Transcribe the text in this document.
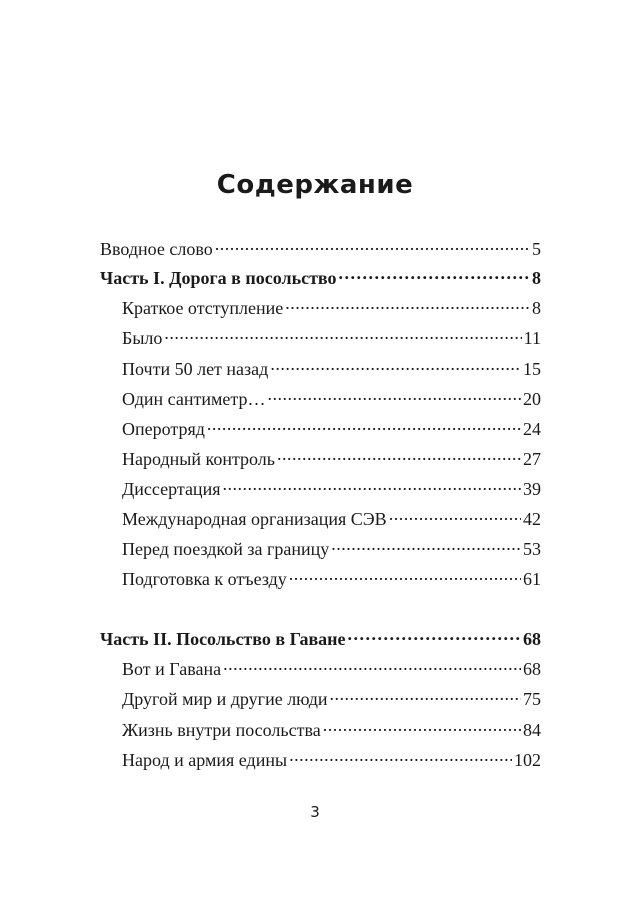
Содержание
Вводное слово .....	5
Часть I. Дорога в посольство .....	8
Краткое отступление .....	8
Было .....	11
Почти 50 лет назад .....	15
Один сантиметр… .....	20
Оперотряд .....	24
Народный контроль .....	27
Диссертация .....	39
Международная организация СЭВ .....	42
Перед поездкой за границу .....	53
Подготовка к отъезду .....	61
Часть II. Посольство в Гаване .....	68
Вот и Гавана .....	68
Другой мир и другие люди .....	75
Жизнь внутри посольства .....	84
Народ и армия едины .....	102
3
